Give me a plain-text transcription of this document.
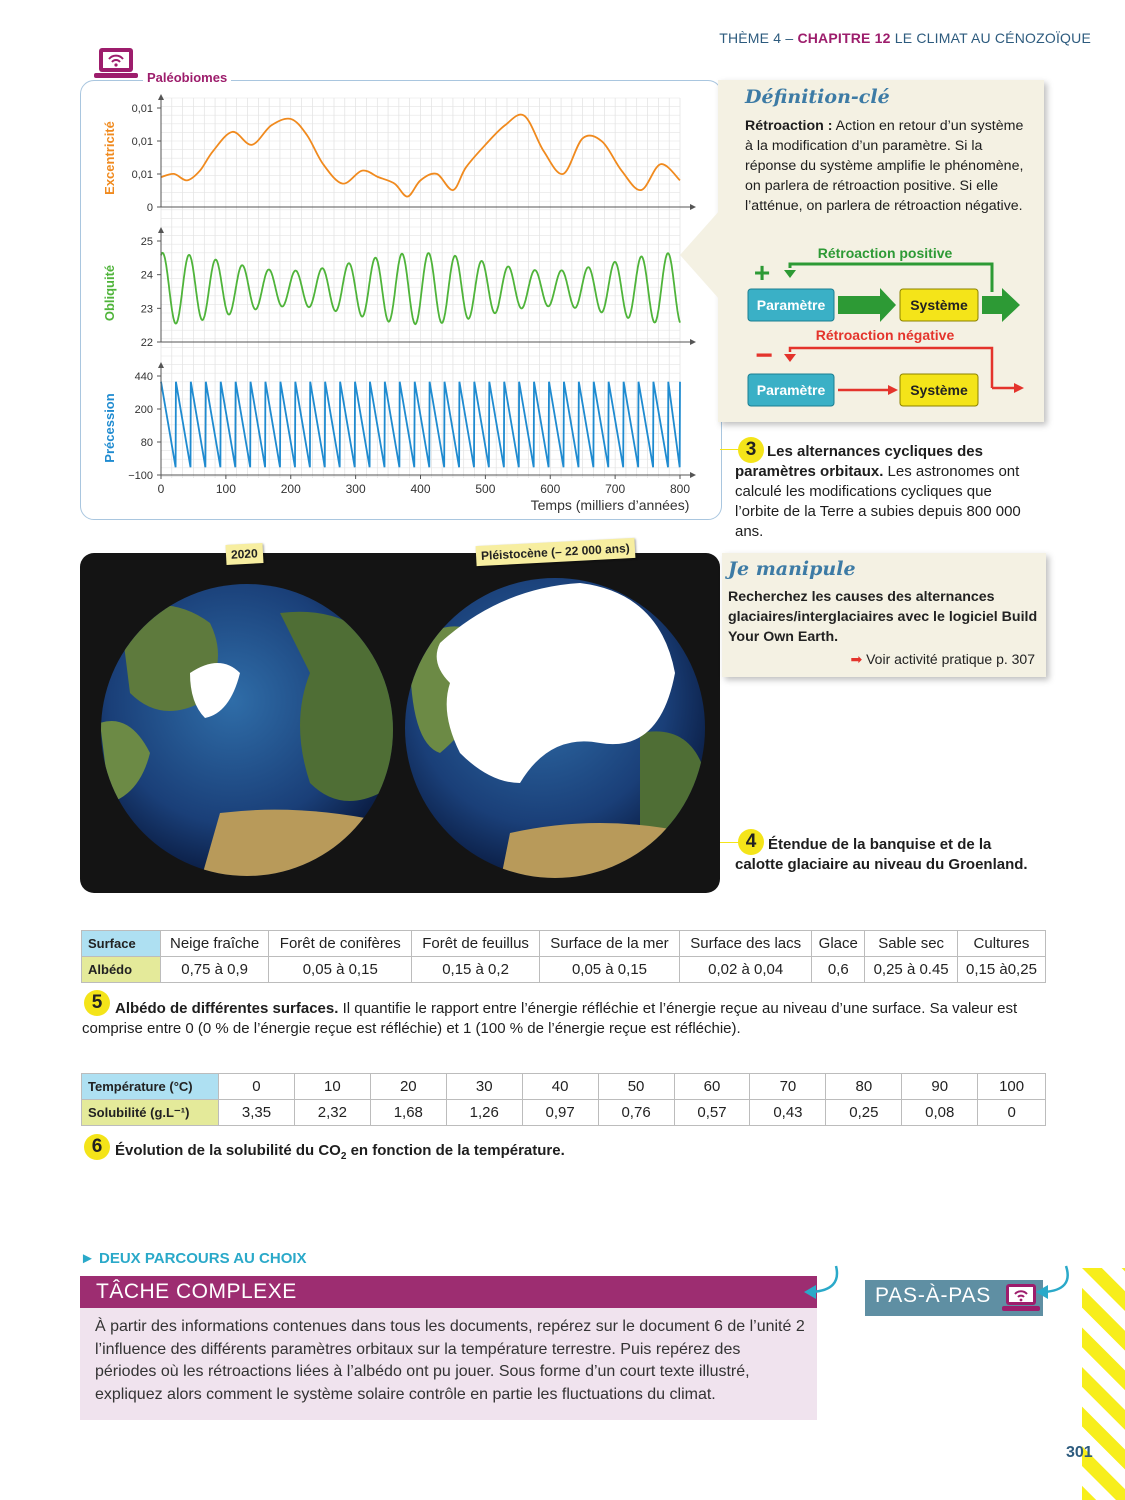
THÈME 4 – CHAPITRE 12 LE CLIMAT AU CÉNOZOÏQUE
Paléobiomes
Excentricité
0,01
0,01
0,01
0
Obliquité
25
24
23
22
Précession
440
200
80
−100
0	100	200	300	400	500	600	700	800
Temps (milliers d’années)
Définition-clé
Rétroaction : Action en retour d’un système à la modification d’un paramètre. Si la réponse du système amplifie le phénomène, on parlera de rétroaction positive. Si elle l’atténue, on parlera de rétroaction négative.
Rétroaction positive
+
Paramètre	Système
Rétroaction négative
−
Paramètre	Système
3 Les alternances cycliques des paramètres orbitaux. Les astronomes ont calculé les modifications cycliques que l’orbite de la Terre a subies depuis 800 000 ans.
2020	Pléistocène (– 22 000 ans)
Je manipule
Recherchez les causes des alternances glaciaires/interglaciaires avec le logiciel Build Your Own Earth.
➡ Voir activité pratique p. 307
4 Étendue de la banquise et de la calotte glaciaire au niveau du Groenland.
Surface	Neige fraîche	Forêt de conifères	Forêt de feuillus	Surface de la mer	Surface des lacs	Glace	Sable sec	Cultures
Albédo	0,75 à 0,9	0,05 à 0,15	0,15 à 0,2	0,05 à 0,15	0,02 à 0,04	0,6	0,25 à 0.45	0,15 à0,25
5 Albédo de différentes surfaces. Il quantifie le rapport entre l’énergie réfléchie et l’énergie reçue au niveau d’une surface. Sa valeur est comprise entre 0 (0 % de l’énergie reçue est réfléchie) et 1 (100 % de l’énergie reçue est réfléchie).
Température (°C)	0	10	20	30	40	50	60	70	80	90	100
Solubilité (g.L⁻¹)	3,35	2,32	1,68	1,26	0,97	0,76	0,57	0,43	0,25	0,08	0
6 Évolution de la solubilité du $CO_2$ en fonction de la température.
► DEUX PARCOURS AU CHOIX
TÂCHE COMPLEXE
À partir des informations contenues dans tous les documents, repérez sur le document 6 de l’unité 2 l’influence des différents paramètres orbitaux sur la température terrestre. Puis repérez des périodes où les rétroactions liées à l’albédo ont pu jouer. Sous forme d’un court texte illustré, expliquez alors comment le système solaire contrôle en partie les fluctuations du climat.
PAS-À-PAS
301
